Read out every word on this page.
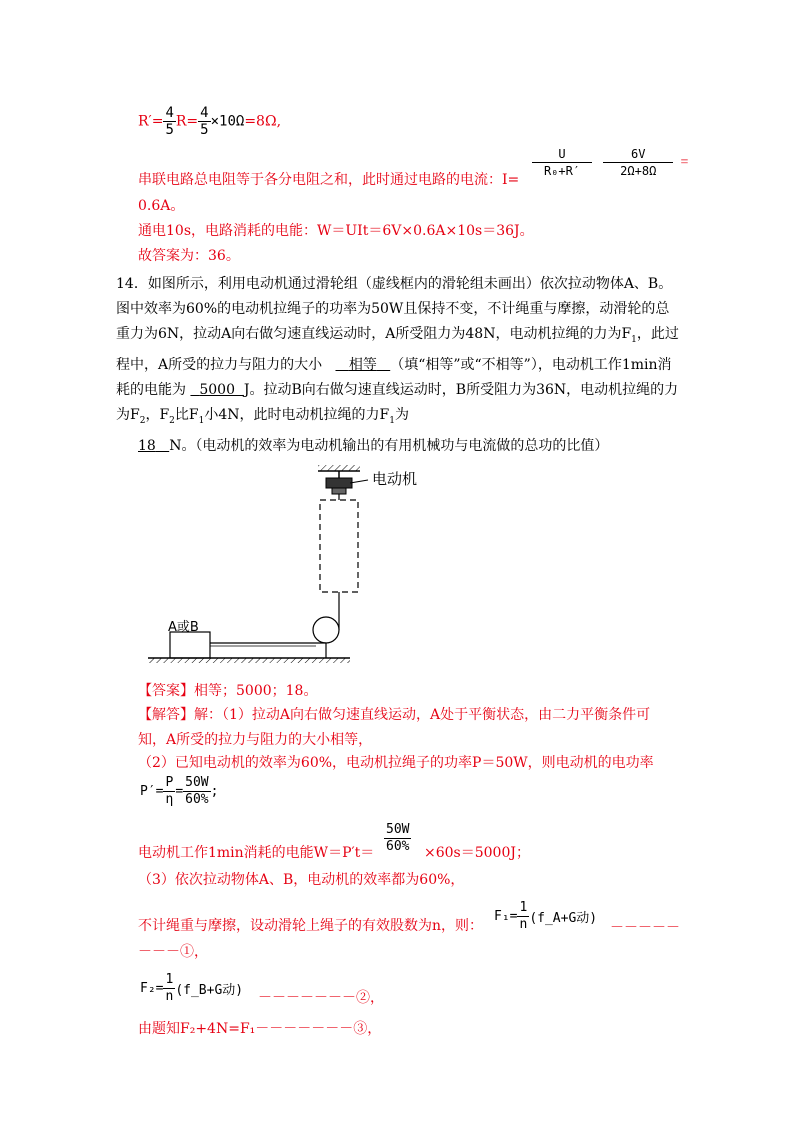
$R'= \frac{4}{5} R= \frac{4}{5} \times 10\Omega=8\Omega$,
串联电路总电阻等于各分电阻之和，此时通过电路的电流：I=
$\frac{U}{\text{R₀+R′}}$
$\frac{6V}{2\Omega+8\Omega}$ =
0.6A。
通电10s，电路消耗的电能：W＝UIt＝6V×0.6A×10s＝36J。
故答案为：36。
14．如图所示，利用电动机通过滑轮组（虚线框内的滑轮组未画出）依次拉动物体A、B。图中效率为60%的电动机拉绳子的功率为50W且保持不变，不计绳重与摩擦，动滑轮的总重力为6N，拉动A向右做匀速直线运动时，A所受阻力为48N，电动机拉绳的力为$F_1$，此过程中，A所受的拉力与阻力的大小 相等 （填“相等”或“不相等”），电动机工作1min消耗的电能为 5000 J。拉动B向右做匀速直线运动时，B所受阻力为36N，电动机拉绳的力为$F_2$，$F_2$比$F_1$小4N，此时电动机拉绳的力$F_1$为
18 N。（电动机的效率为电动机输出的有用机械功与电流做的总功的比值）
电动机
A或B
【答案】相等；5000；18。
【解答】解：（1）拉动A向右做匀速直线运动，A处于平衡状态，由二力平衡条件可知，A所受的拉力与阻力的大小相等，
（2）已知电动机的效率为60%，电动机拉绳子的功率P＝50W，则电动机的电功率
$P'= \frac{P}{\eta} = \frac{50W}{60\%}$ ;
电动机工作1min消耗的电能$W=P't= \frac{50W}{60\%} \times 60s=5000J$；
（3）依次拉动物体A、B，电动机的效率都为60%，
不计绳重与摩擦，设动滑轮上绳子的有效股数为n，则：
$F_1= \frac{1}{n}$ (f_A+G动)
－－－－－
－－－①，
$F_2= \frac{1}{n}$ (f_B+G动) －－－－－－－②，
由题知F₂+4N=F₁－－－－－－－③，
